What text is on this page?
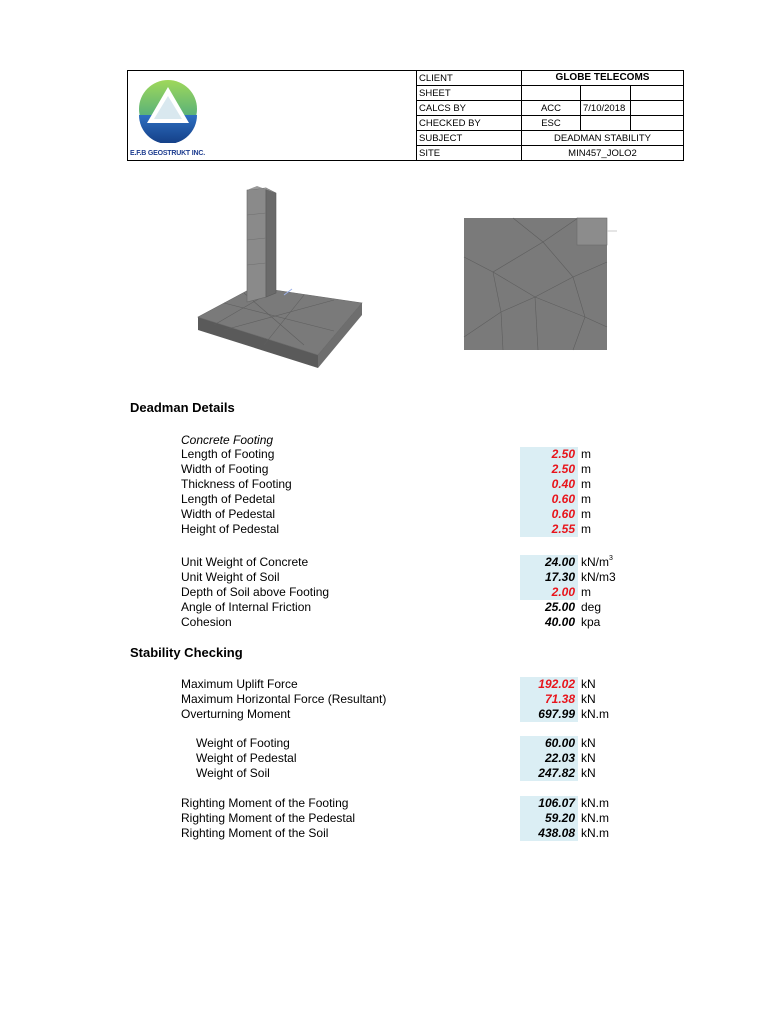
E.F.B GEOSTRUKT INC.
CLIENT	GLOBE TELECOMS
SHEET
CALCS BY	ACC	7/10/2018
CHECKED BY	ESC
SUBJECT	DEADMAN STABILITY
SITE	MIN457_JOLO2
Deadman Details
Concrete Footing
Length of Footing	2.50 m
Width of Footing	2.50 m
Thickness of Footing	0.40 m
Length of Pedetal	0.60 m
Width of Pedestal	0.60 m
Height of Pedestal	2.55 m
Unit Weight of Concrete	24.00 $kN/m^3$
Unit Weight of Soil	17.30 kN/m3
Depth of Soil above Footing	2.00 m
Angle of Internal Friction	25.00 deg
Cohesion	40.00 kpa
Stability Checking
Maximum Uplift Force	192.02 kN
Maximum Horizontal Force (Resultant)	71.38 kN
Overturning Moment	697.99 kN.m
Weight of Footing	60.00 kN
Weight of Pedestal	22.03 kN
Weight of Soil	247.82 kN
Righting Moment of the Footing	106.07 kN.m
Righting Moment of the Pedestal	59.20 kN.m
Righting Moment of the Soil	438.08 kN.m
